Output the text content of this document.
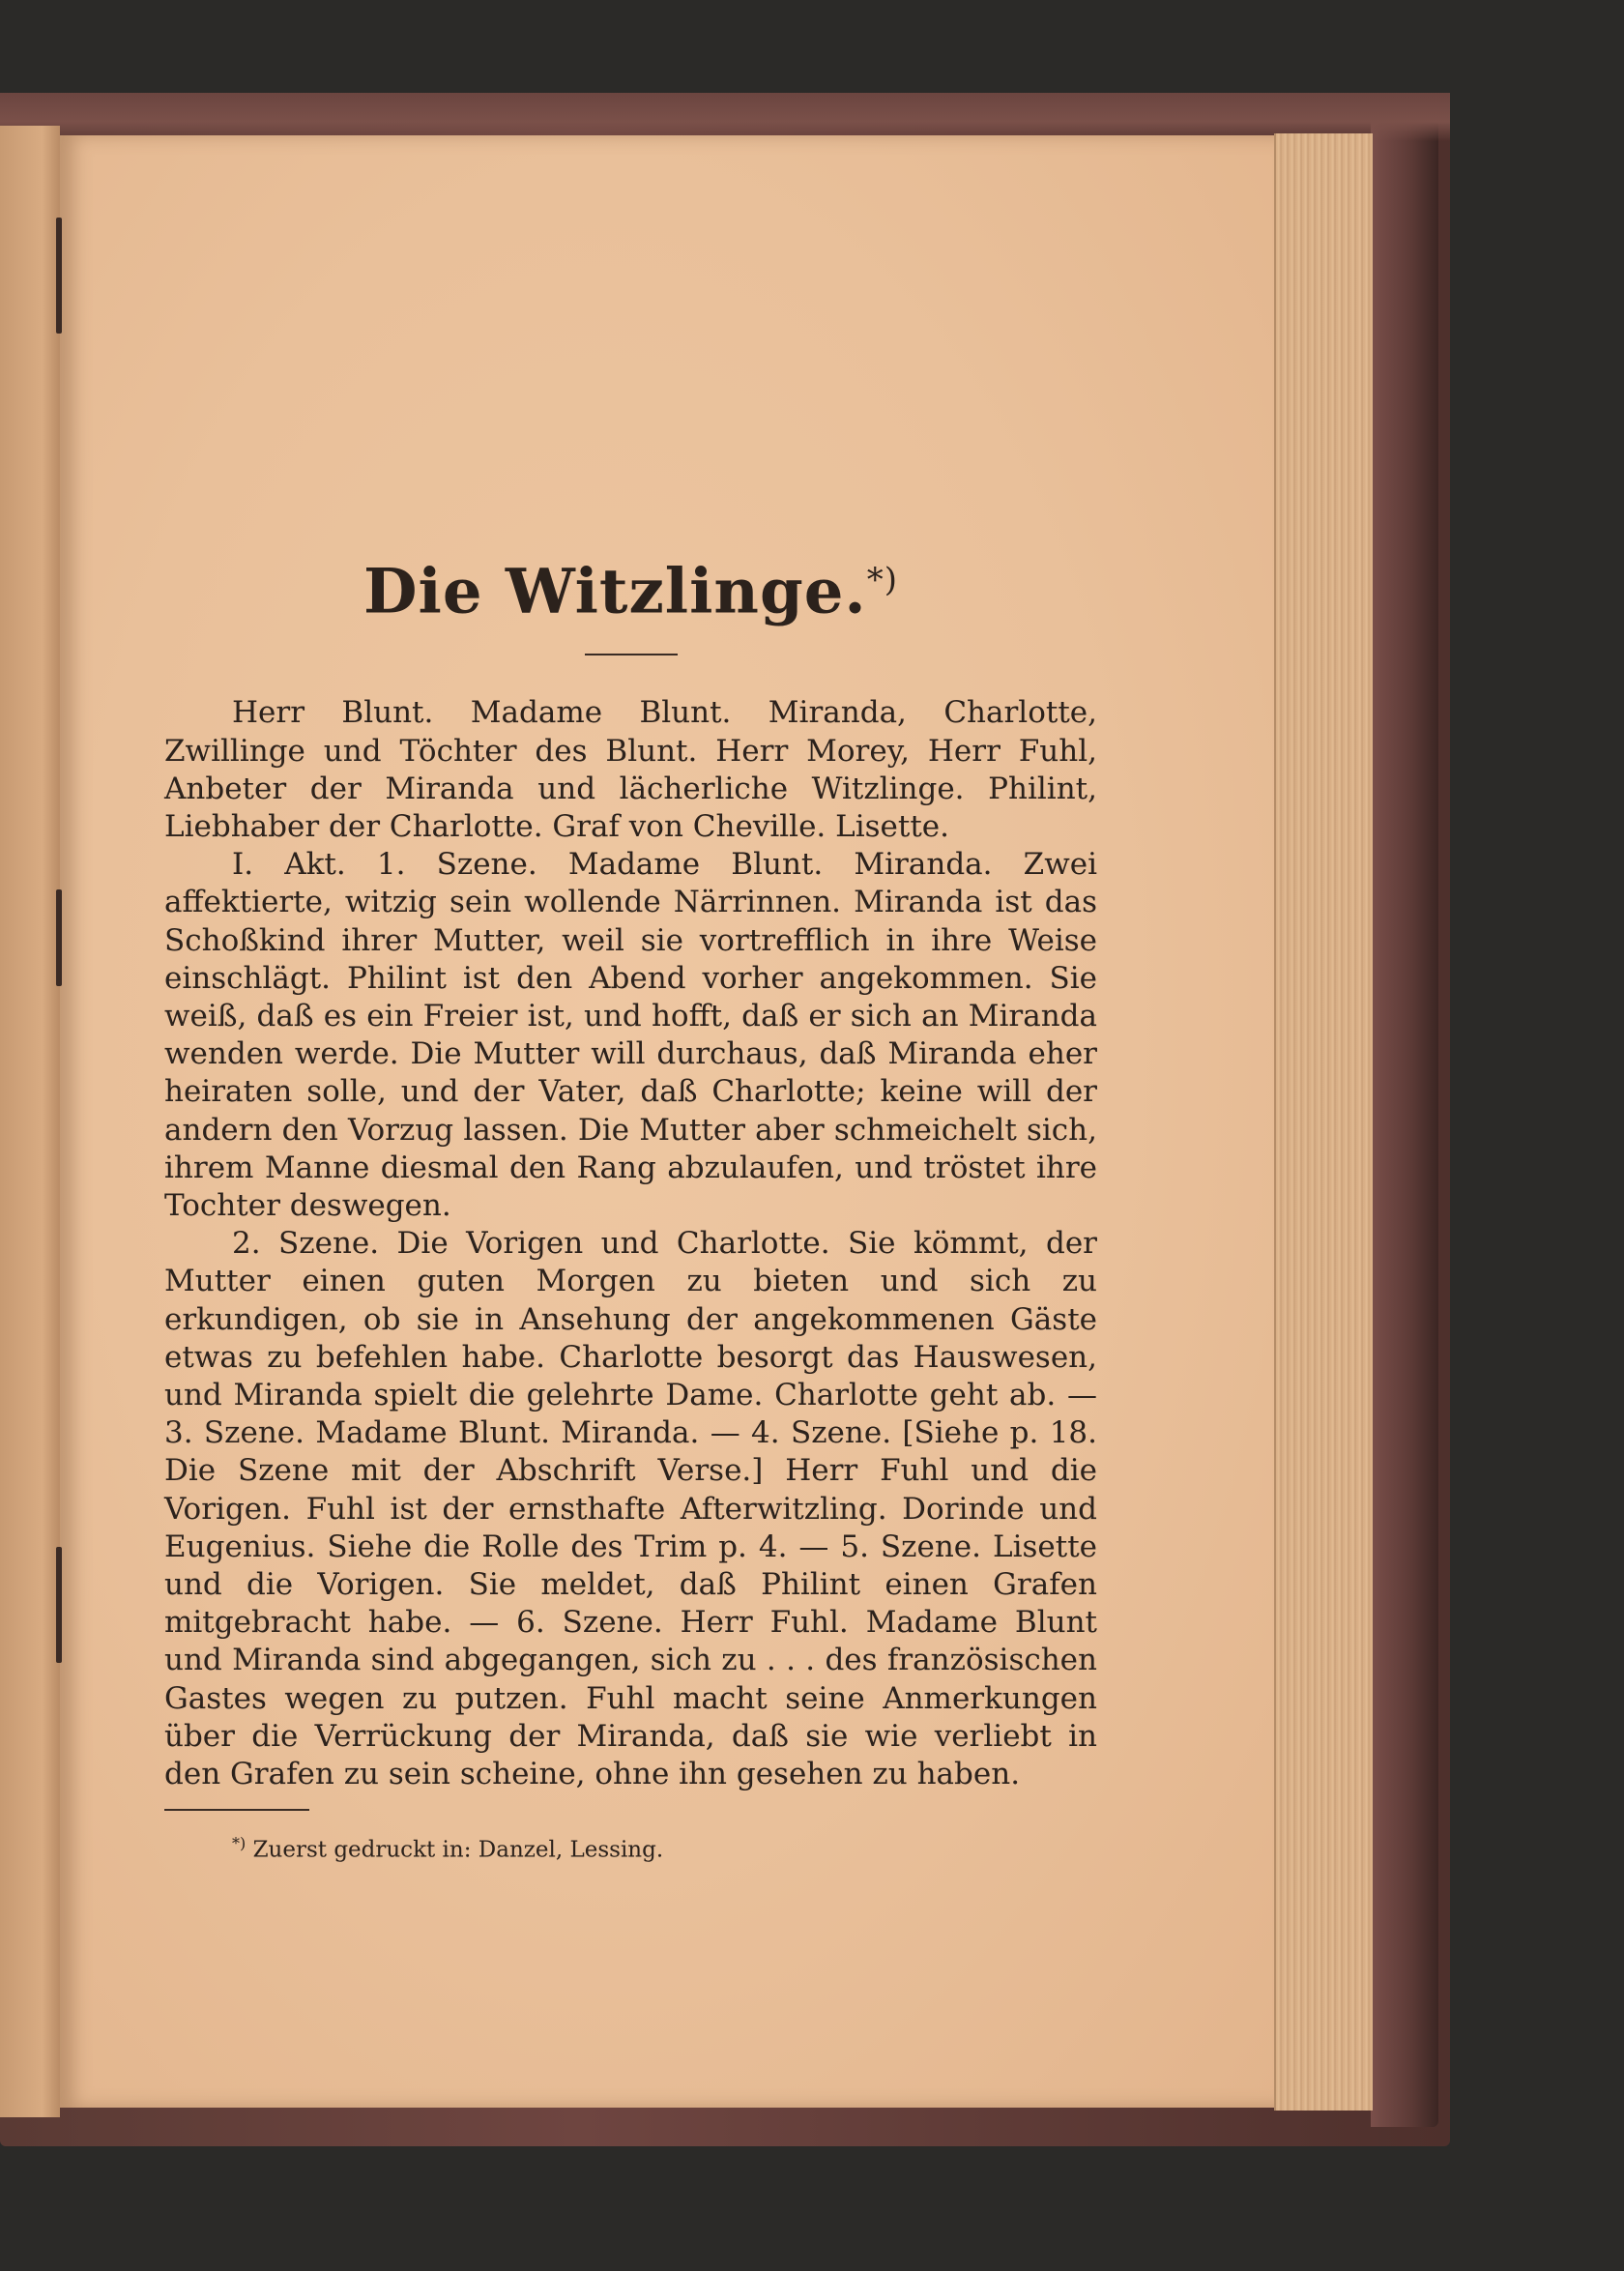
Die Witzlinge.*)

Herr Blunt. Madame Blunt. Miranda, Charlotte, Zwillinge und Töchter des Blunt. Herr Morey, Herr Fuhl, Anbeter der Miranda und lächerliche Witzlinge. Philint, Liebhaber der Charlotte. Graf von Cheville. Lisette.

I. Akt. 1. Szene. Madame Blunt. Miranda. Zwei affektierte, witzig sein wollende Närrinnen. Miranda ist das Schoßkind ihrer Mutter, weil sie vortrefflich in ihre Weise einschlägt. Philint ist den Abend vorher angekommen. Sie weiß, daß es ein Freier ist, und hofft, daß er sich an Miranda wenden werde. Die Mutter will durchaus, daß Miranda eher heiraten solle, und der Vater, daß Charlotte; keine will der andern den Vorzug lassen. Die Mutter aber schmeichelt sich, ihrem Manne diesmal den Rang abzulaufen, und tröstet ihre Tochter deswegen.

2. Szene. Die Vorigen und Charlotte. Sie kömmt, der Mutter einen guten Morgen zu bieten und sich zu erkundigen, ob sie in Ansehung der angekommenen Gäste etwas zu befehlen habe. Charlotte besorgt das Hauswesen, und Miranda spielt die gelehrte Dame. Charlotte geht ab. — 3. Szene. Madame Blunt. Miranda. — 4. Szene. [Siehe p. 18. Die Szene mit der Abschrift Verse.] Herr Fuhl und die Vorigen. Fuhl ist der ernsthafte Afterwitzling. Dorinde und Eugenius. Siehe die Rolle des Trim p. 4. — 5. Szene. Lisette und die Vorigen. Sie meldet, daß Philint einen Grafen mitgebracht habe. — 6. Szene. Herr Fuhl. Madame Blunt und Miranda sind abgegangen, sich zu . . . des französischen Gastes wegen zu putzen. Fuhl macht seine Anmerkungen über die Verrückung der Miranda, daß sie wie verliebt in den Grafen zu sein scheine, ohne ihn gesehen zu haben.

*) Zuerst gedruckt in: Danzel, Lessing.
